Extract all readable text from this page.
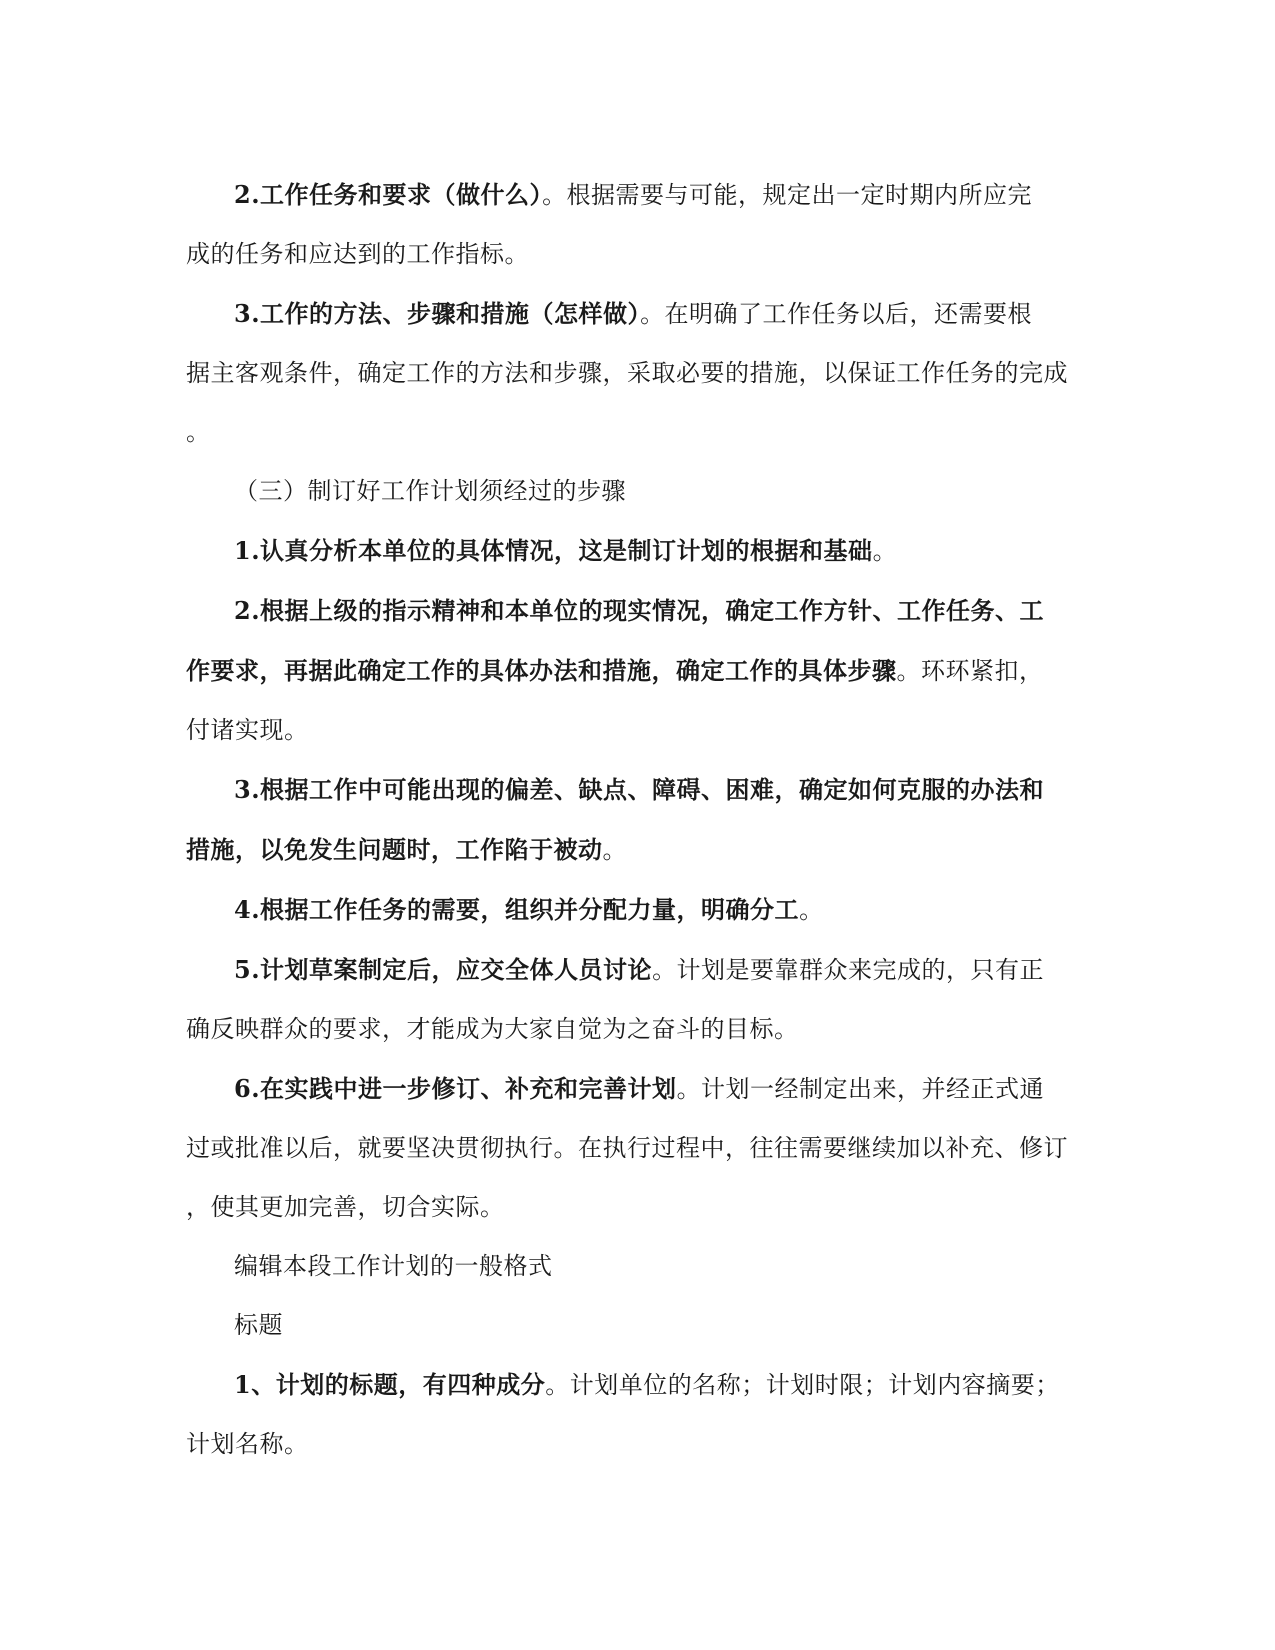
2.工作任务和要求（做什么）。根据需要与可能，规定出一定时期内所应完
成的任务和应达到的工作指标。
3.工作的方法、步骤和措施（怎样做）。在明确了工作任务以后，还需要根
据主客观条件，确定工作的方法和步骤，采取必要的措施，以保证工作任务的完成
。
（三）制订好工作计划须经过的步骤
1.认真分析本单位的具体情况，这是制订计划的根据和基础。
2.根据上级的指示精神和本单位的现实情况，确定工作方针、工作任务、工
作要求，再据此确定工作的具体办法和措施，确定工作的具体步骤。环环紧扣，
付诸实现。
3.根据工作中可能出现的偏差、缺点、障碍、困难，确定如何克服的办法和
措施，以免发生问题时，工作陷于被动。
4.根据工作任务的需要，组织并分配力量，明确分工。
5.计划草案制定后，应交全体人员讨论。计划是要靠群众来完成的，只有正
确反映群众的要求，才能成为大家自觉为之奋斗的目标。
6.在实践中进一步修订、补充和完善计划。计划一经制定出来，并经正式通
过或批准以后，就要坚决贯彻执行。在执行过程中，往往需要继续加以补充、修订
，使其更加完善，切合实际。
编辑本段工作计划的一般格式
标题
1、计划的标题，有四种成分。计划单位的名称；计划时限；计划内容摘要；
计划名称。
